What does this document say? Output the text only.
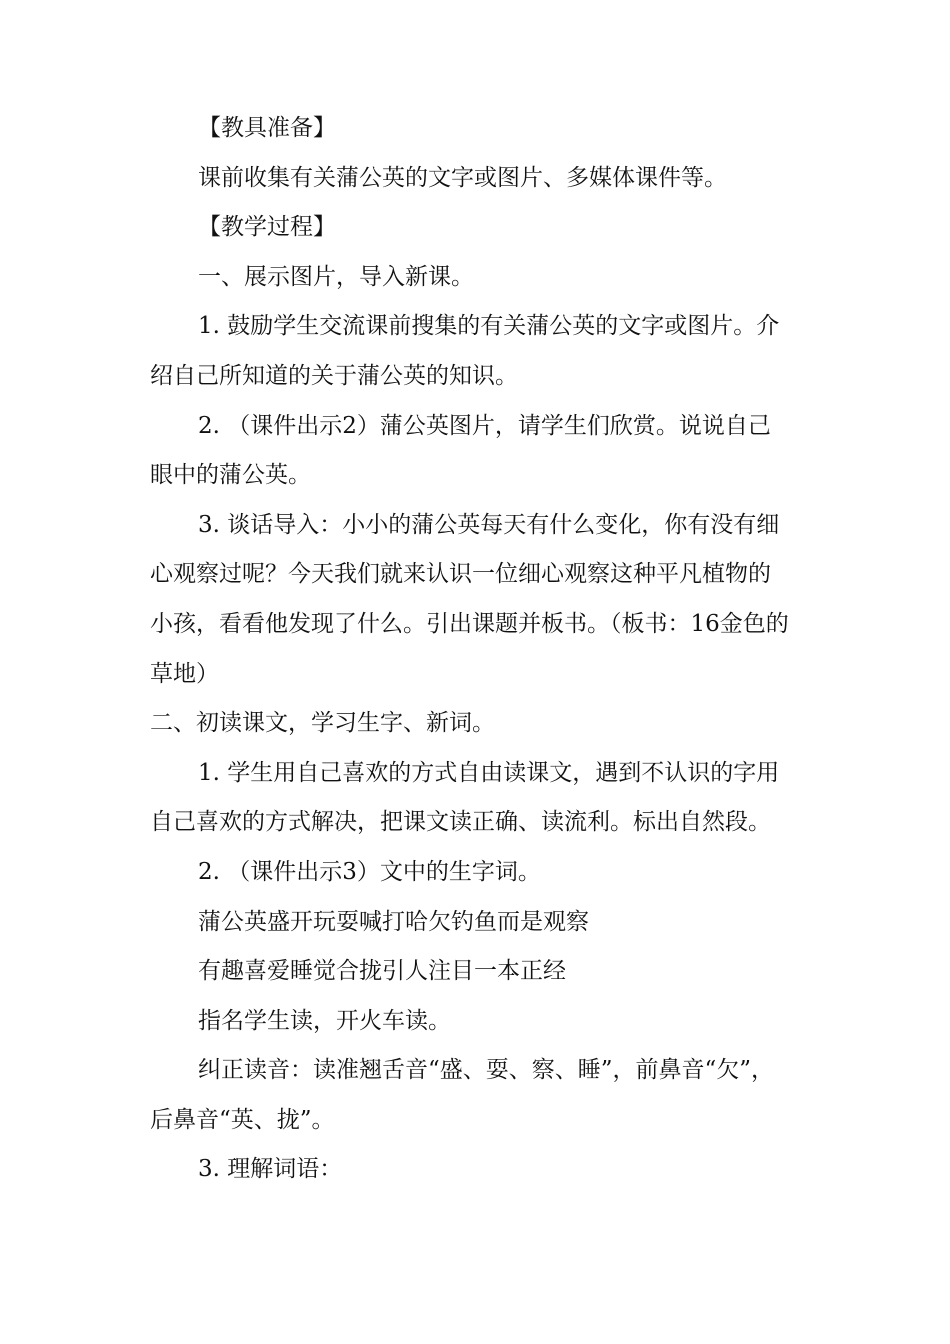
【教具准备】

课前收集有关蒲公英的文字或图片、多媒体课件等。

【教学过程】

一、展示图片，导入新课。

1. 鼓励学生交流课前搜集的有关蒲公英的文字或图片。介绍自己所知道的关于蒲公英的知识。

2. （课件出示2）蒲公英图片，请学生们欣赏。说说自己眼中的蒲公英。

3. 谈话导入：小小的蒲公英每天有什么变化，你有没有细心观察过呢？今天我们就来认识一位细心观察这种平凡植物的小孩，看看他发现了什么。引出课题并板书。（板书：16金色的草地）

二、初读课文，学习生字、新词。

1. 学生用自己喜欢的方式自由读课文，遇到不认识的字用自己喜欢的方式解决，把课文读正确、读流利。标出自然段。

2. （课件出示3）文中的生字词。

蒲公英盛开玩耍喊打哈欠钓鱼而是观察

有趣喜爱睡觉合拢引人注目一本正经

指名学生读，开火车读。

纠正读音：读准翘舌音“盛、耍、察、睡”，前鼻音“欠”，后鼻音“英、拢”。

3. 理解词语：
